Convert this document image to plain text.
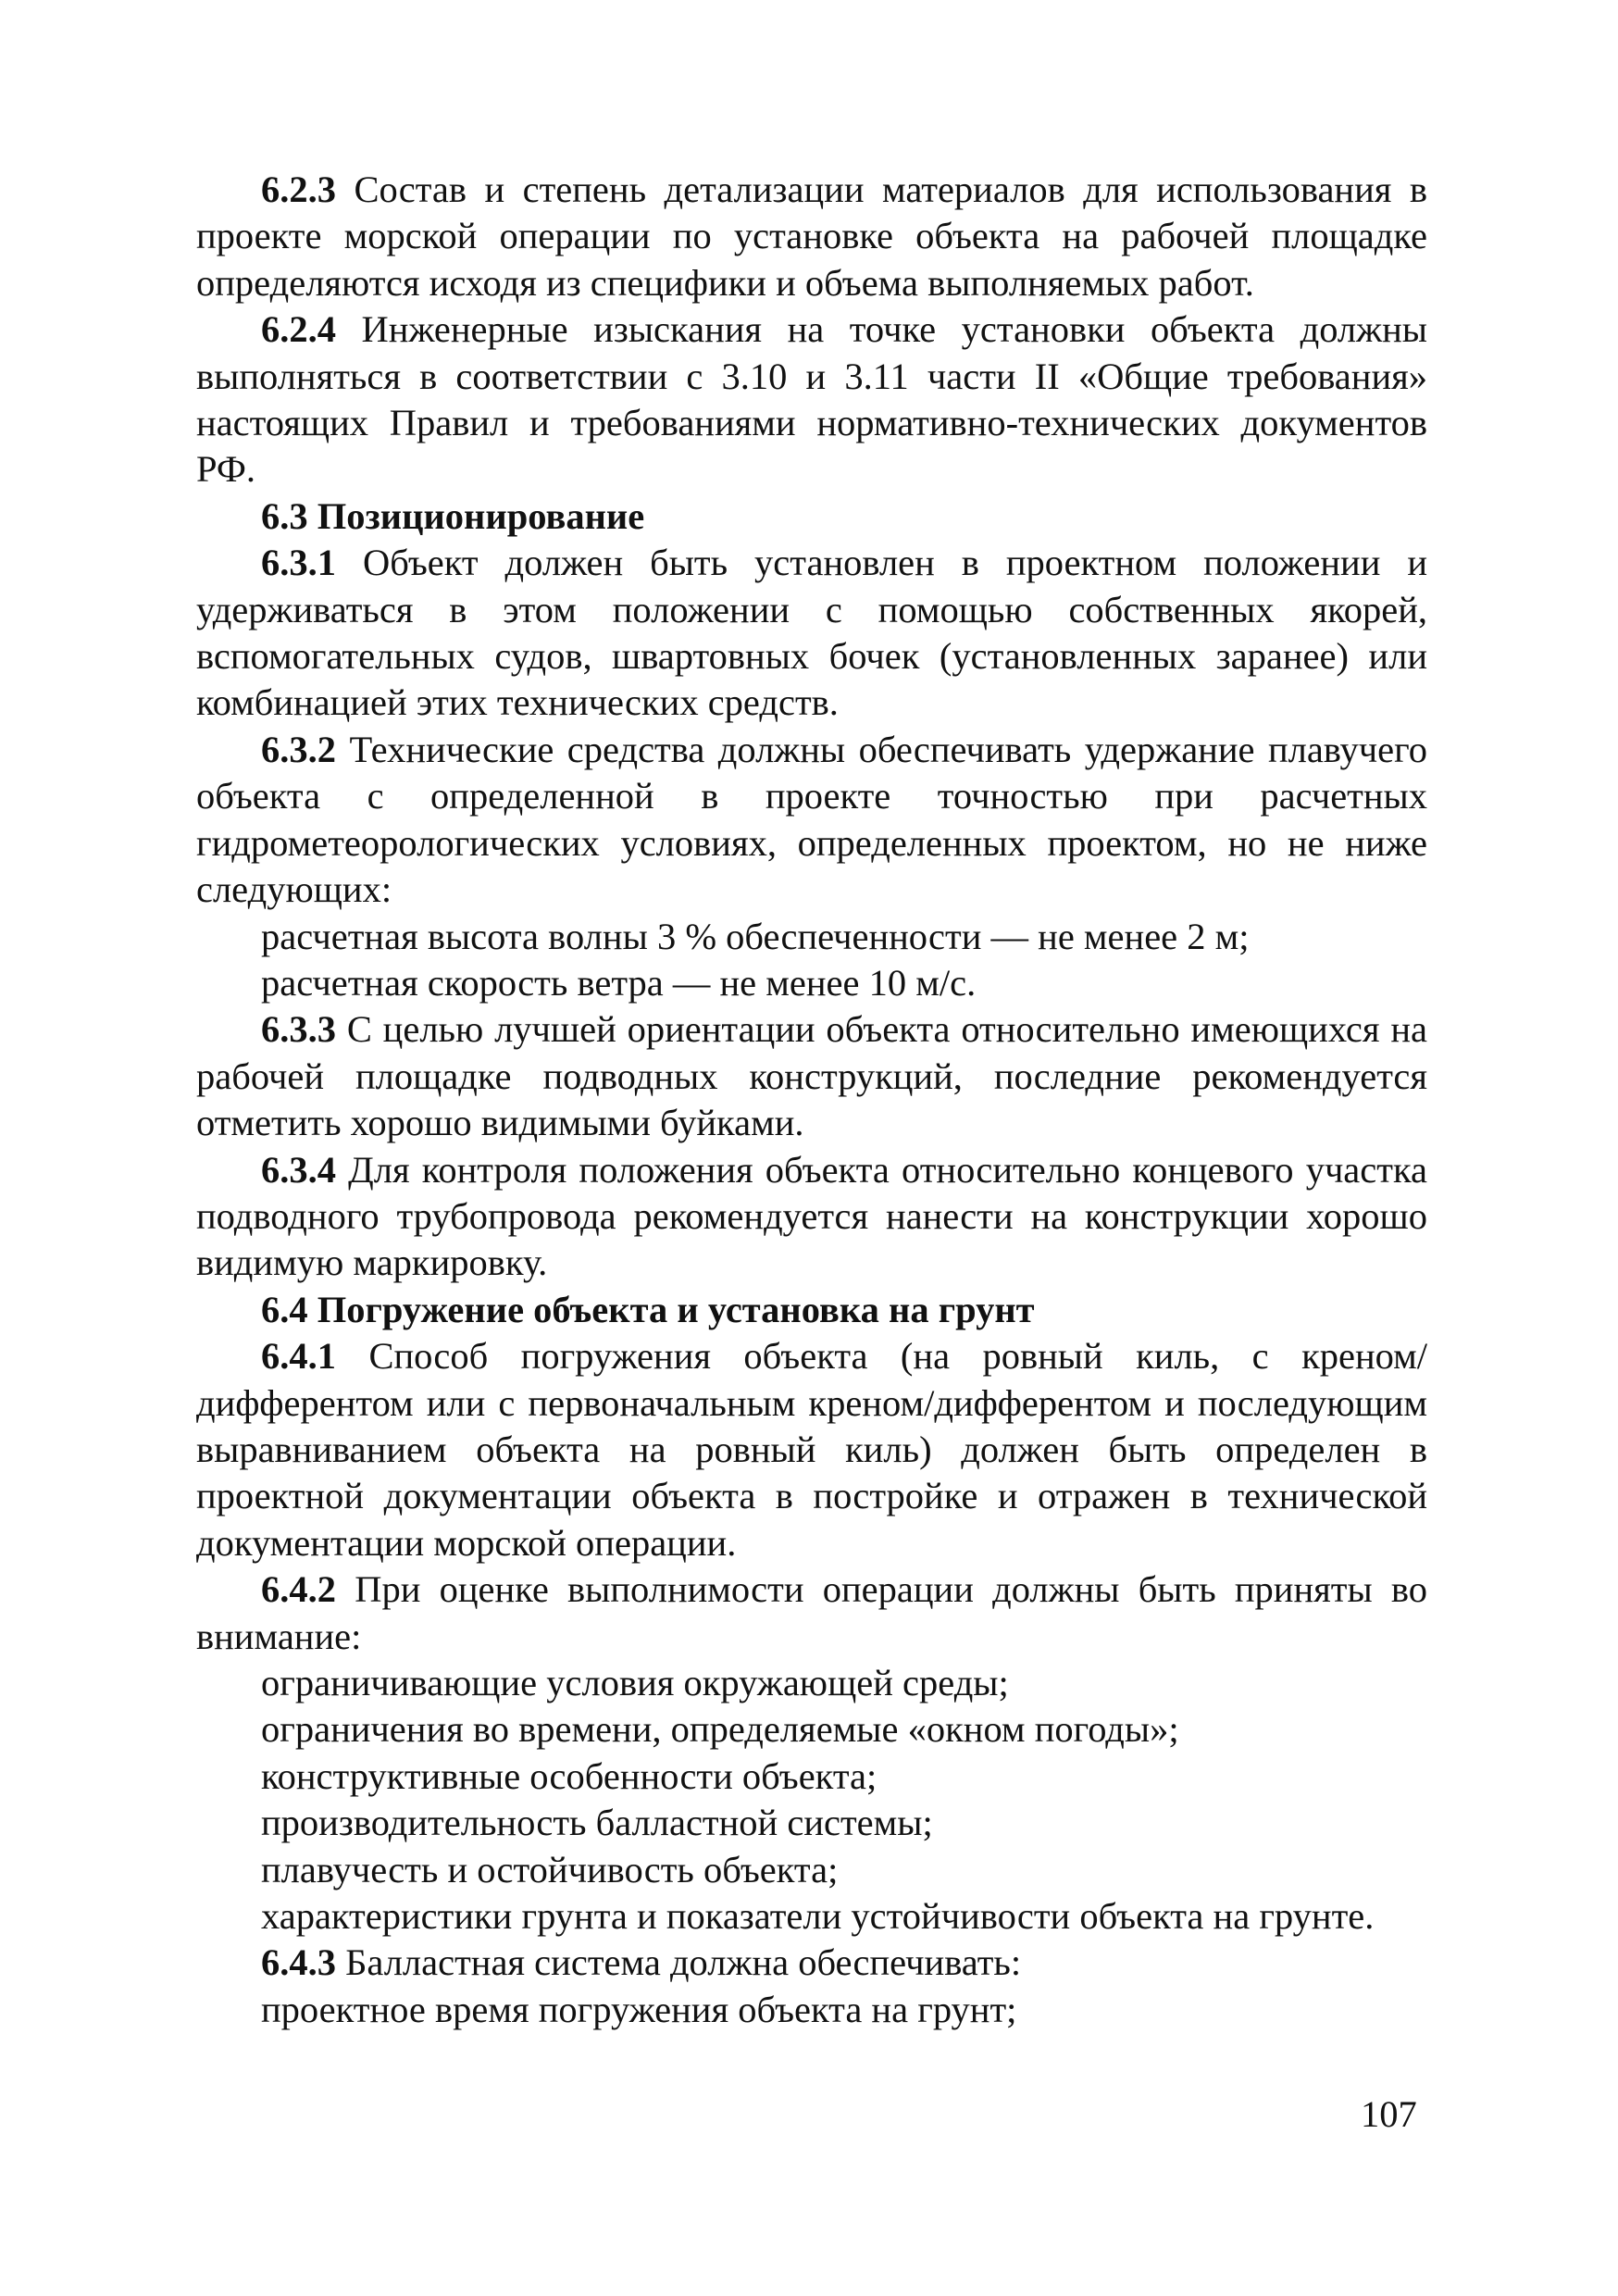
6.2.3 Состав и степень детализации материалов для использования в проекте морской операции по установке объекта на рабочей площадке определяются исходя из специфики и объема выполняемых работ.

6.2.4 Инженерные изыскания на точке установки объекта должны выполняться в соответствии с 3.10 и 3.11 части II «Общие требования» настоящих Правил и требованиями нормативно-технических документов РФ.

6.3 Позиционирование

6.3.1 Объект должен быть установлен в проектном положении и удерживаться в этом положении с помощью собственных якорей, вспомогательных судов, швартовных бочек (установленных заранее) или комбинацией этих технических средств.

6.3.2 Технические средства должны обеспечивать удержание плавучего объекта с определенной в проекте точностью при расчетных гидрометеорологических условиях, определенных проектом, но не ниже следующих:

расчетная высота волны 3 % обеспеченности — не менее 2 м;

расчетная скорость ветра — не менее 10 м/с.

6.3.3 С целью лучшей ориентации объекта относительно имеющихся на рабочей площадке подводных конструкций, последние рекомендуется отметить хорошо видимыми буйками.

6.3.4 Для контроля положения объекта относительно концевого участка подводного трубопровода рекомендуется нанести на конструкции хорошо видимую маркировку.

6.4 Погружение объекта и установка на грунт

6.4.1 Способ погружения объекта (на ровный киль, с креном/дифферентом или с первоначальным креном/дифферентом и последующим выравниванием объекта на ровный киль) должен быть определен в проектной документации объекта в постройке и отражен в технической документации морской операции.

6.4.2 При оценке выполнимости операции должны быть приняты во внимание:

ограничивающие условия окружающей среды;

ограничения во времени, определяемые «окном погоды»;

конструктивные особенности объекта;

производительность балластной системы;

плавучесть и остойчивость объекта;

характеристики грунта и показатели устойчивости объекта на грунте.

6.4.3 Балластная система должна обеспечивать:

проектное время погружения объекта на грунт;

107
